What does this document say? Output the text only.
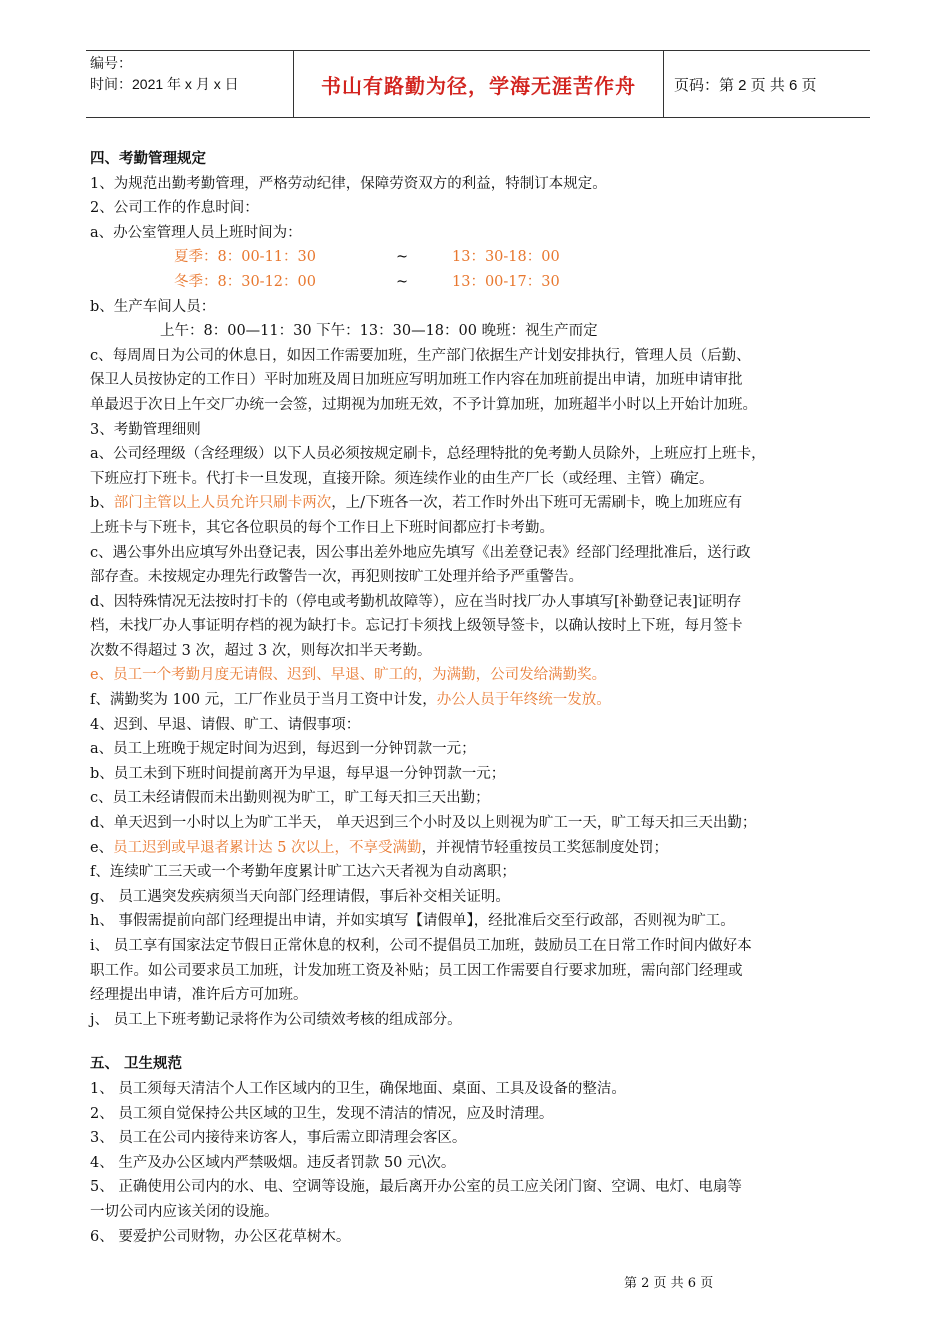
编号：
时间：2021 年 x 月 x 日	书山有路勤为径，学海无涯苦作舟	页码：第 2 页 共 6 页
四、考勤管理规定
1、为规范出勤考勤管理，严格劳动纪律，保障劳资双方的利益，特制订本规定。
2、公司工作的作息时间：
a、办公室管理人员上班时间为：
夏季：8：00-11：30	~	13：30-18：00
冬季：8：30-12：00	~	13：00-17：30
b、生产车间人员：
上午：8：00—11：30 下午：13：30—18：00 晚班：视生产而定
c、每周周日为公司的休息日，如因工作需要加班，生产部门依据生产计划安排执行，管理人员（后勤、
保卫人员按协定的工作日）平时加班及周日加班应写明加班工作内容在加班前提出申请，加班申请审批
单最迟于次日上午交厂办统一会签，过期视为加班无效，不予计算加班，加班超半小时以上开始计加班。
3、考勤管理细则
a、公司经理级（含经理级）以下人员必须按规定刷卡，总经理特批的免考勤人员除外，上班应打上班卡，
下班应打下班卡。代打卡一旦发现，直接开除。须连续作业的由生产厂长（或经理、主管）确定。
b、部门主管以上人员允许只刷卡两次，上/下班各一次，若工作时外出下班可无需刷卡，晚上加班应有
上班卡与下班卡，其它各位职员的每个工作日上下班时间都应打卡考勤。
c、遇公事外出应填写外出登记表，因公事出差外地应先填写《出差登记表》经部门经理批准后，送行政
部存查。未按规定办理先行政警告一次，再犯则按旷工处理并给予严重警告。
d、因特殊情况无法按时打卡的（停电或考勤机故障等），应在当时找厂办人事填写[补勤登记表]证明存
档，未找厂办人事证明存档的视为缺打卡。忘记打卡须找上级领导签卡，以确认按时上下班，每月签卡
次数不得超过 3 次，超过 3 次，则每次扣半天考勤。
e、员工一个考勤月度无请假、迟到、早退、旷工的，为满勤，公司发给满勤奖。
f、满勤奖为 100 元，工厂作业员于当月工资中计发，办公人员于年终统一发放。
4、迟到、早退、请假、旷工、请假事项：
a、员工上班晚于规定时间为迟到，每迟到一分钟罚款一元；
b、员工未到下班时间提前离开为早退，每早退一分钟罚款一元；
c、员工未经请假而未出勤则视为旷工，旷工每天扣三天出勤；
d、单天迟到一小时以上为旷工半天， 单天迟到三个小时及以上则视为旷工一天，旷工每天扣三天出勤；
e、员工迟到或早退者累计达 5 次以上，不享受满勤，并视情节轻重按员工奖惩制度处罚；
f、连续旷工三天或一个考勤年度累计旷工达六天者视为自动离职；
g、 员工遇突发疾病须当天向部门经理请假，事后补交相关证明。
h、 事假需提前向部门经理提出申请，并如实填写【请假单】，经批准后交至行政部，否则视为旷工。
i、 员工享有国家法定节假日正常休息的权利，公司不提倡员工加班，鼓励员工在日常工作时间内做好本
职工作。如公司要求员工加班，计发加班工资及补贴；员工因工作需要自行要求加班，需向部门经理或
经理提出申请，准许后方可加班。
j、 员工上下班考勤记录将作为公司绩效考核的组成部分。
五、 卫生规范
1、 员工须每天清洁个人工作区域内的卫生，确保地面、桌面、工具及设备的整洁。
2、 员工须自觉保持公共区域的卫生，发现不清洁的情况，应及时清理。
3、 员工在公司内接待来访客人，事后需立即清理会客区。
4、 生产及办公区域内严禁吸烟。违反者罚款 50 元\次。
5、 正确使用公司内的水、电、空调等设施，最后离开办公室的员工应关闭门窗、空调、电灯、电扇等
一切公司内应该关闭的设施。
6、 要爱护公司财物，办公区花草树木。
第 2 页 共 6 页
